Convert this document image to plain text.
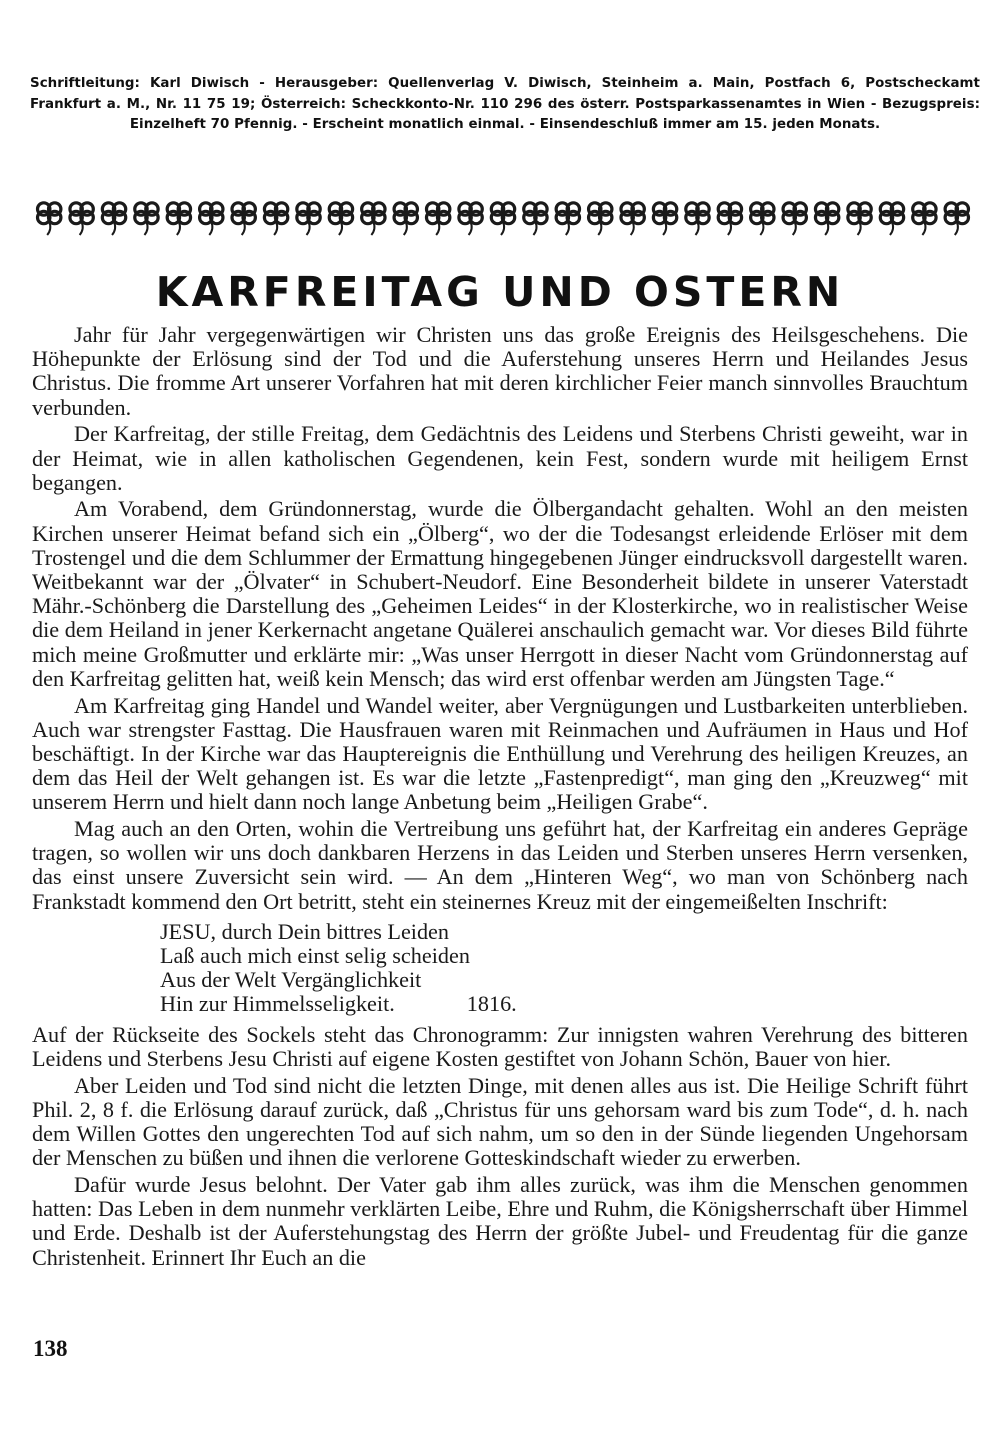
Schriftleitung: Karl Diwisch - Herausgeber: Quellenverlag V. Diwisch, Steinheim a. Main, Postfach 6, Postscheckamt Frankfurt a. M., Nr. 11 75 19; Österreich: Scheckkonto-Nr. 110 296 des österr. Postsparkassenamtes in Wien - Bezugspreis: Einzelheft 70 Pfennig. - Erscheint monatlich einmal. - Einsendeschluß immer am 15. jeden Monats.
KARFREITAG UND OSTERN

Jahr für Jahr vergegenwärtigen wir Christen uns das große Ereignis des Heilsgeschehens. Die Höhepunkte der Erlösung sind der Tod und die Auferstehung unseres Herrn und Heilandes Jesus Christus. Die fromme Art unserer Vorfahren hat mit deren kirchlicher Feier manch sinnvolles Brauchtum verbunden.

Der Karfreitag, der stille Freitag, dem Gedächtnis des Leidens und Sterbens Christi geweiht, war in der Heimat, wie in allen katholischen Gegendenen, kein Fest, sondern wurde mit heiligem Ernst begangen.

Am Vorabend, dem Gründonnerstag, wurde die Ölbergandacht gehalten. Wohl an den meisten Kirchen unserer Heimat befand sich ein „Ölberg“, wo der die Todesangst erleidende Erlöser mit dem Trostengel und die dem Schlummer der Ermattung hingegebenen Jünger eindrucksvoll dargestellt waren. Weitbekannt war der „Ölvater“ in Schubert-Neudorf. Eine Besonderheit bildete in unserer Vaterstadt Mähr.-Schönberg die Darstellung des „Geheimen Leides“ in der Klosterkirche, wo in realistischer Weise die dem Heiland in jener Kerkernacht angetane Quälerei anschaulich gemacht war. Vor dieses Bild führte mich meine Großmutter und erklärte mir: „Was unser Herrgott in dieser Nacht vom Gründonnerstag auf den Karfreitag gelitten hat, weiß kein Mensch; das wird erst offenbar werden am Jüngsten Tage.“

Am Karfreitag ging Handel und Wandel weiter, aber Vergnügungen und Lustbarkeiten unterblieben. Auch war strengster Fasttag. Die Hausfrauen waren mit Reinmachen und Aufräumen in Haus und Hof beschäftigt. In der Kirche war das Hauptereignis die Enthüllung und Verehrung des heiligen Kreuzes, an dem das Heil der Welt gehangen ist. Es war die letzte „Fastenpredigt“, man ging den „Kreuzweg“ mit unserem Herrn und hielt dann noch lange Anbetung beim „Heiligen Grabe“.

Mag auch an den Orten, wohin die Vertreibung uns geführt hat, der Karfreitag ein anderes Gepräge tragen, so wollen wir uns doch dankbaren Herzens in das Leiden und Sterben unseres Herrn versenken, das einst unsere Zuversicht sein wird. — An dem „Hinteren Weg“, wo man von Schönberg nach Frankstadt kommend den Ort betritt, steht ein steinernes Kreuz mit der eingemeißelten Inschrift:

JESU, durch Dein bittres Leiden
Laß auch mich einst selig scheiden
Aus der Welt Vergänglichkeit
Hin zur Himmelsseligkeit.	1816.

Auf der Rückseite des Sockels steht das Chronogramm: Zur innigsten wahren Verehrung des bitteren Leidens und Sterbens Jesu Christi auf eigene Kosten gestiftet von Johann Schön, Bauer von hier.

Aber Leiden und Tod sind nicht die letzten Dinge, mit denen alles aus ist. Die Heilige Schrift führt Phil. 2, 8 f. die Erlösung darauf zurück, daß „Christus für uns gehorsam ward bis zum Tode“, d. h. nach dem Willen Gottes den ungerechten Tod auf sich nahm, um so den in der Sünde liegenden Ungehorsam der Menschen zu büßen und ihnen die verlorene Gotteskindschaft wieder zu erwerben.

Dafür wurde Jesus belohnt. Der Vater gab ihm alles zurück, was ihm die Menschen genommen hatten: Das Leben in dem nunmehr verklärten Leibe, Ehre und Ruhm, die Königsherrschaft über Himmel und Erde. Deshalb ist der Auferstehungstag des Herrn der größte Jubel- und Freudentag für die ganze Christenheit. Erinnert Ihr Euch an die

138
